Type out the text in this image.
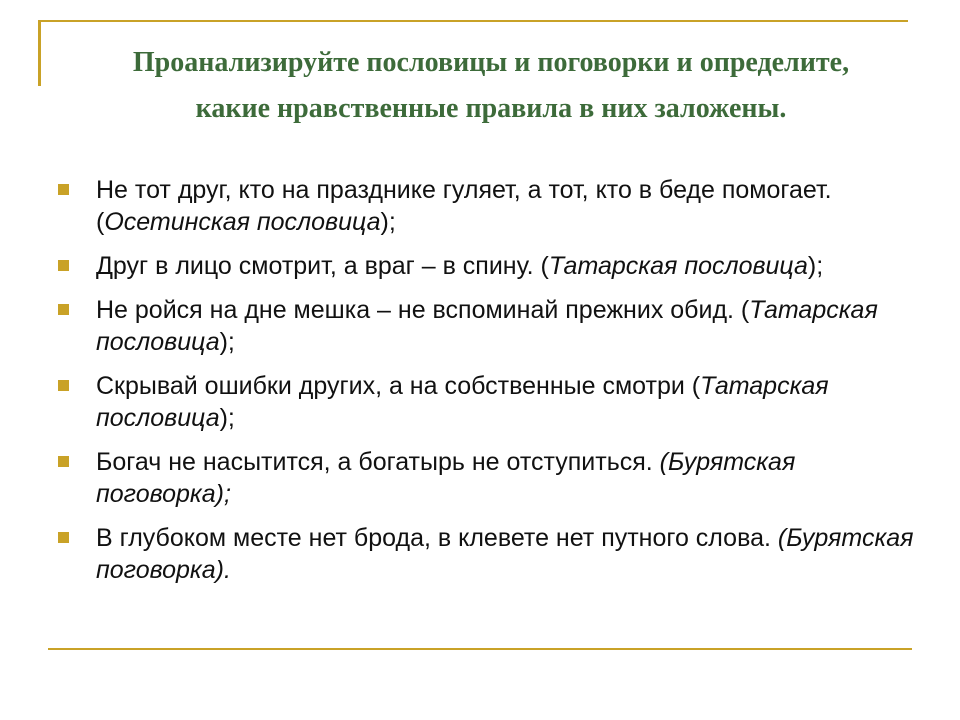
Проанализируйте пословицы и поговорки и определите, какие нравственные правила в них заложены.
Не тот друг, кто на празднике гуляет, а тот, кто в беде помогает. (Осетинская пословица);
Друг в лицо смотрит, а враг – в спину. (Татарская пословица);
Не ройся на дне мешка – не вспоминай прежних обид. (Татарская пословица);
Скрывай ошибки других, а на собственные смотри (Татарская пословица);
Богач не насытится, а богатырь не отступиться. (Бурятская поговорка);
В глубоком месте нет брода, в клевете нет путного слова. (Бурятская поговорка).
